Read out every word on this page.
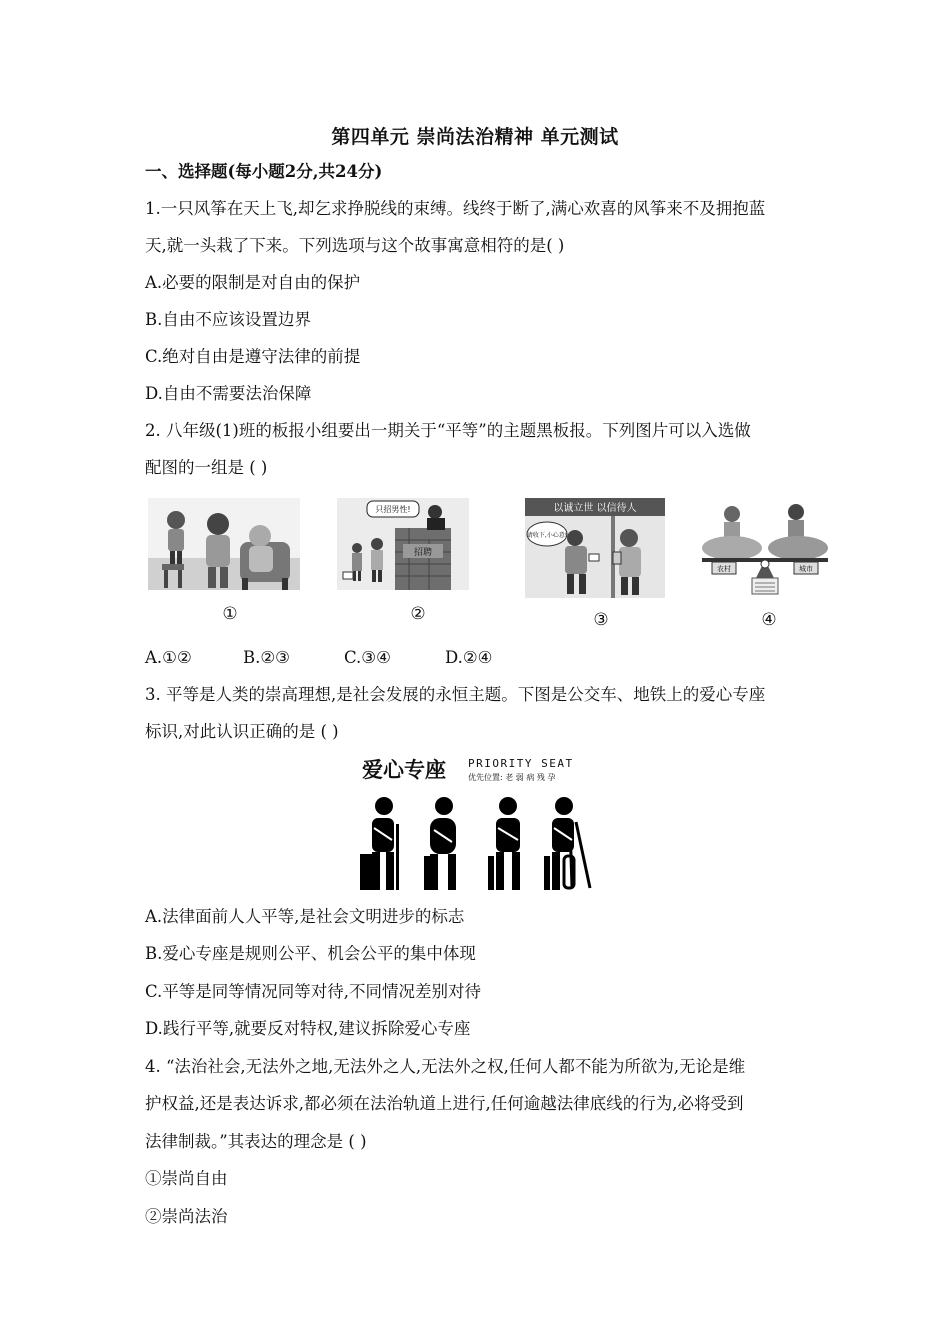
第四单元 崇尚法治精神 单元测试
一、选择题(每小题2分,共24分)
1.一只风筝在天上飞,却乞求挣脱线的束缚。线终于断了,满心欢喜的风筝来不及拥抱蓝
天,就一头栽了下来。下列选项与这个故事寓意相符的是( )
A.必要的限制是对自由的保护
B.自由不应该设置边界
C.绝对自由是遵守法律的前提
D.自由不需要法治保障
2. 八年级(1)班的板报小组要出一期关于“平等”的主题黑板报。下列图片可以入选做
配图的一组是 ( )
①
招聘
只招男性!
②
以诚立世 以信待人
请收下,小心意!
③
农村	城市
④
A.①②	B.②③	C.③④	D.②④
3. 平等是人类的崇高理想,是社会发展的永恒主题。下图是公交车、地铁上的爱心专座
标识,对此认识正确的是 ( )
爱心专座 PRIORITY SEAT
优先位置: 老 弱 病 残 孕
A.法律面前人人平等,是社会文明进步的标志
B.爱心专座是规则公平、机会公平的集中体现
C.平等是同等情况同等对待,不同情况差别对待
D.践行平等,就要反对特权,建议拆除爱心专座
4. “法治社会,无法外之地,无法外之人,无法外之权,任何人都不能为所欲为,无论是维
护权益,还是表达诉求,都必须在法治轨道上进行,任何逾越法律底线的行为,必将受到
法律制裁。”其表达的理念是 ( )
①崇尚自由
②崇尚法治
